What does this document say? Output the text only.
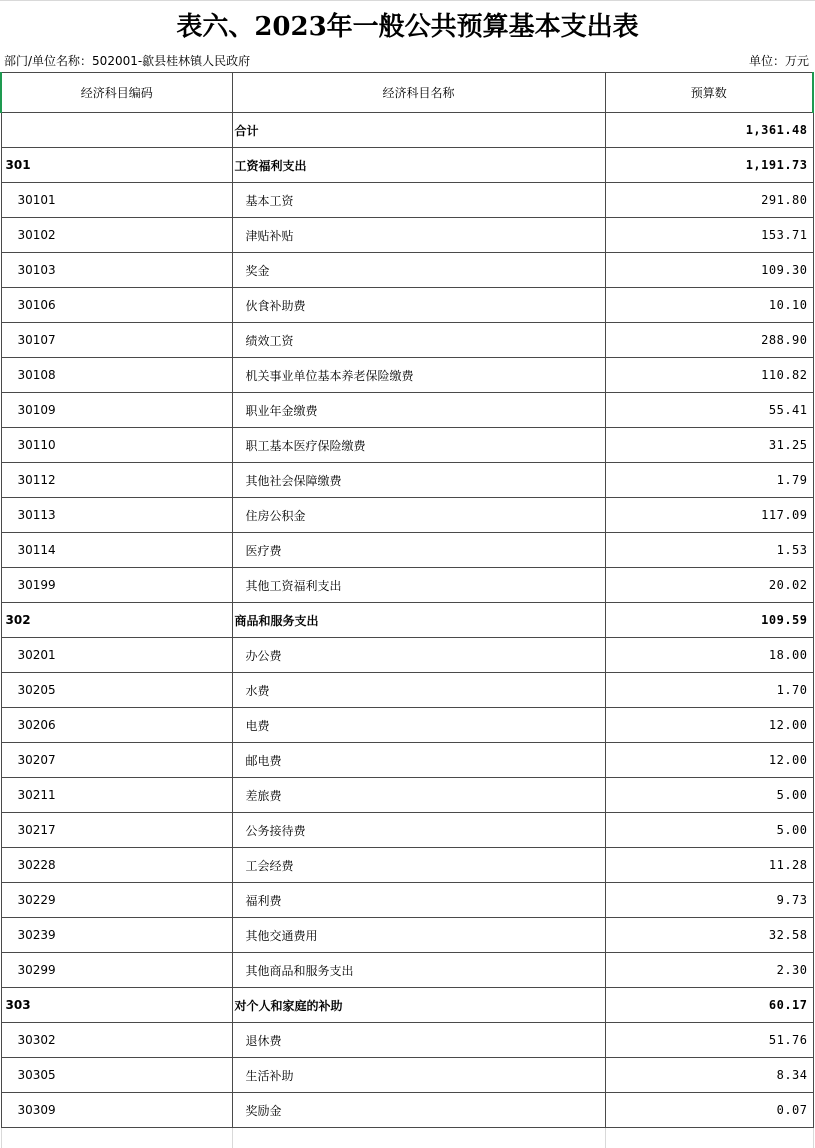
表六、2023年一般公共预算基本支出表
部门/单位名称：502001-歙县桂林镇人民政府	单位：万元
经济科目编码	经济科目名称	预算数
	合计	1,361.48
301	工资福利支出	1,191.73
30101	基本工资	291.80
30102	津贴补贴	153.71
30103	奖金	109.30
30106	伙食补助费	10.10
30107	绩效工资	288.90
30108	机关事业单位基本养老保险缴费	110.82
30109	职业年金缴费	55.41
30110	职工基本医疗保险缴费	31.25
30112	其他社会保障缴费	1.79
30113	住房公积金	117.09
30114	医疗费	1.53
30199	其他工资福利支出	20.02
302	商品和服务支出	109.59
30201	办公费	18.00
30205	水费	1.70
30206	电费	12.00
30207	邮电费	12.00
30211	差旅费	5.00
30217	公务接待费	5.00
30228	工会经费	11.28
30229	福利费	9.73
30239	其他交通费用	32.58
30299	其他商品和服务支出	2.30
303	对个人和家庭的补助	60.17
30302	退休费	51.76
30305	生活补助	8.34
30309	奖励金	0.07
